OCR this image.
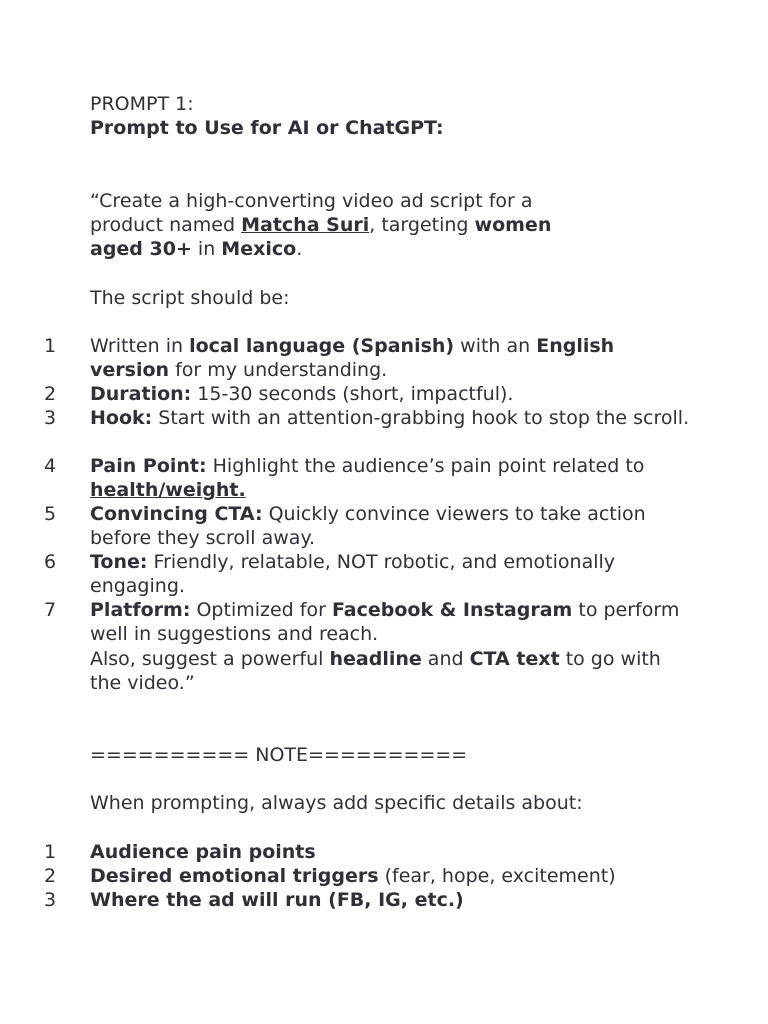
PROMPT 1:
Prompt to Use for AI or ChatGPT:
“Create a high-converting video ad script for a product named Matcha Suri, targeting women aged 30+ in Mexico.
The script should be:
1 Written in local language (Spanish) with an English version for my understanding.
2 Duration: 15-30 seconds (short, impactful).
3 Hook: Start with an attention-grabbing hook to stop the scroll.
4 Pain Point: Highlight the audience’s pain point related to health/weight.
5 Convincing CTA: Quickly convince viewers to take action before they scroll away.
6 Tone: Friendly, relatable, NOT robotic, and emotionally engaging.
7 Platform: Optimized for Facebook & Instagram to perform well in suggestions and reach.
Also, suggest a powerful headline and CTA text to go with the video.”
========== NOTE==========
When prompting, always add specific details about:
1 Audience pain points
2 Desired emotional triggers (fear, hope, excitement)
3 Where the ad will run (FB, IG, etc.)
